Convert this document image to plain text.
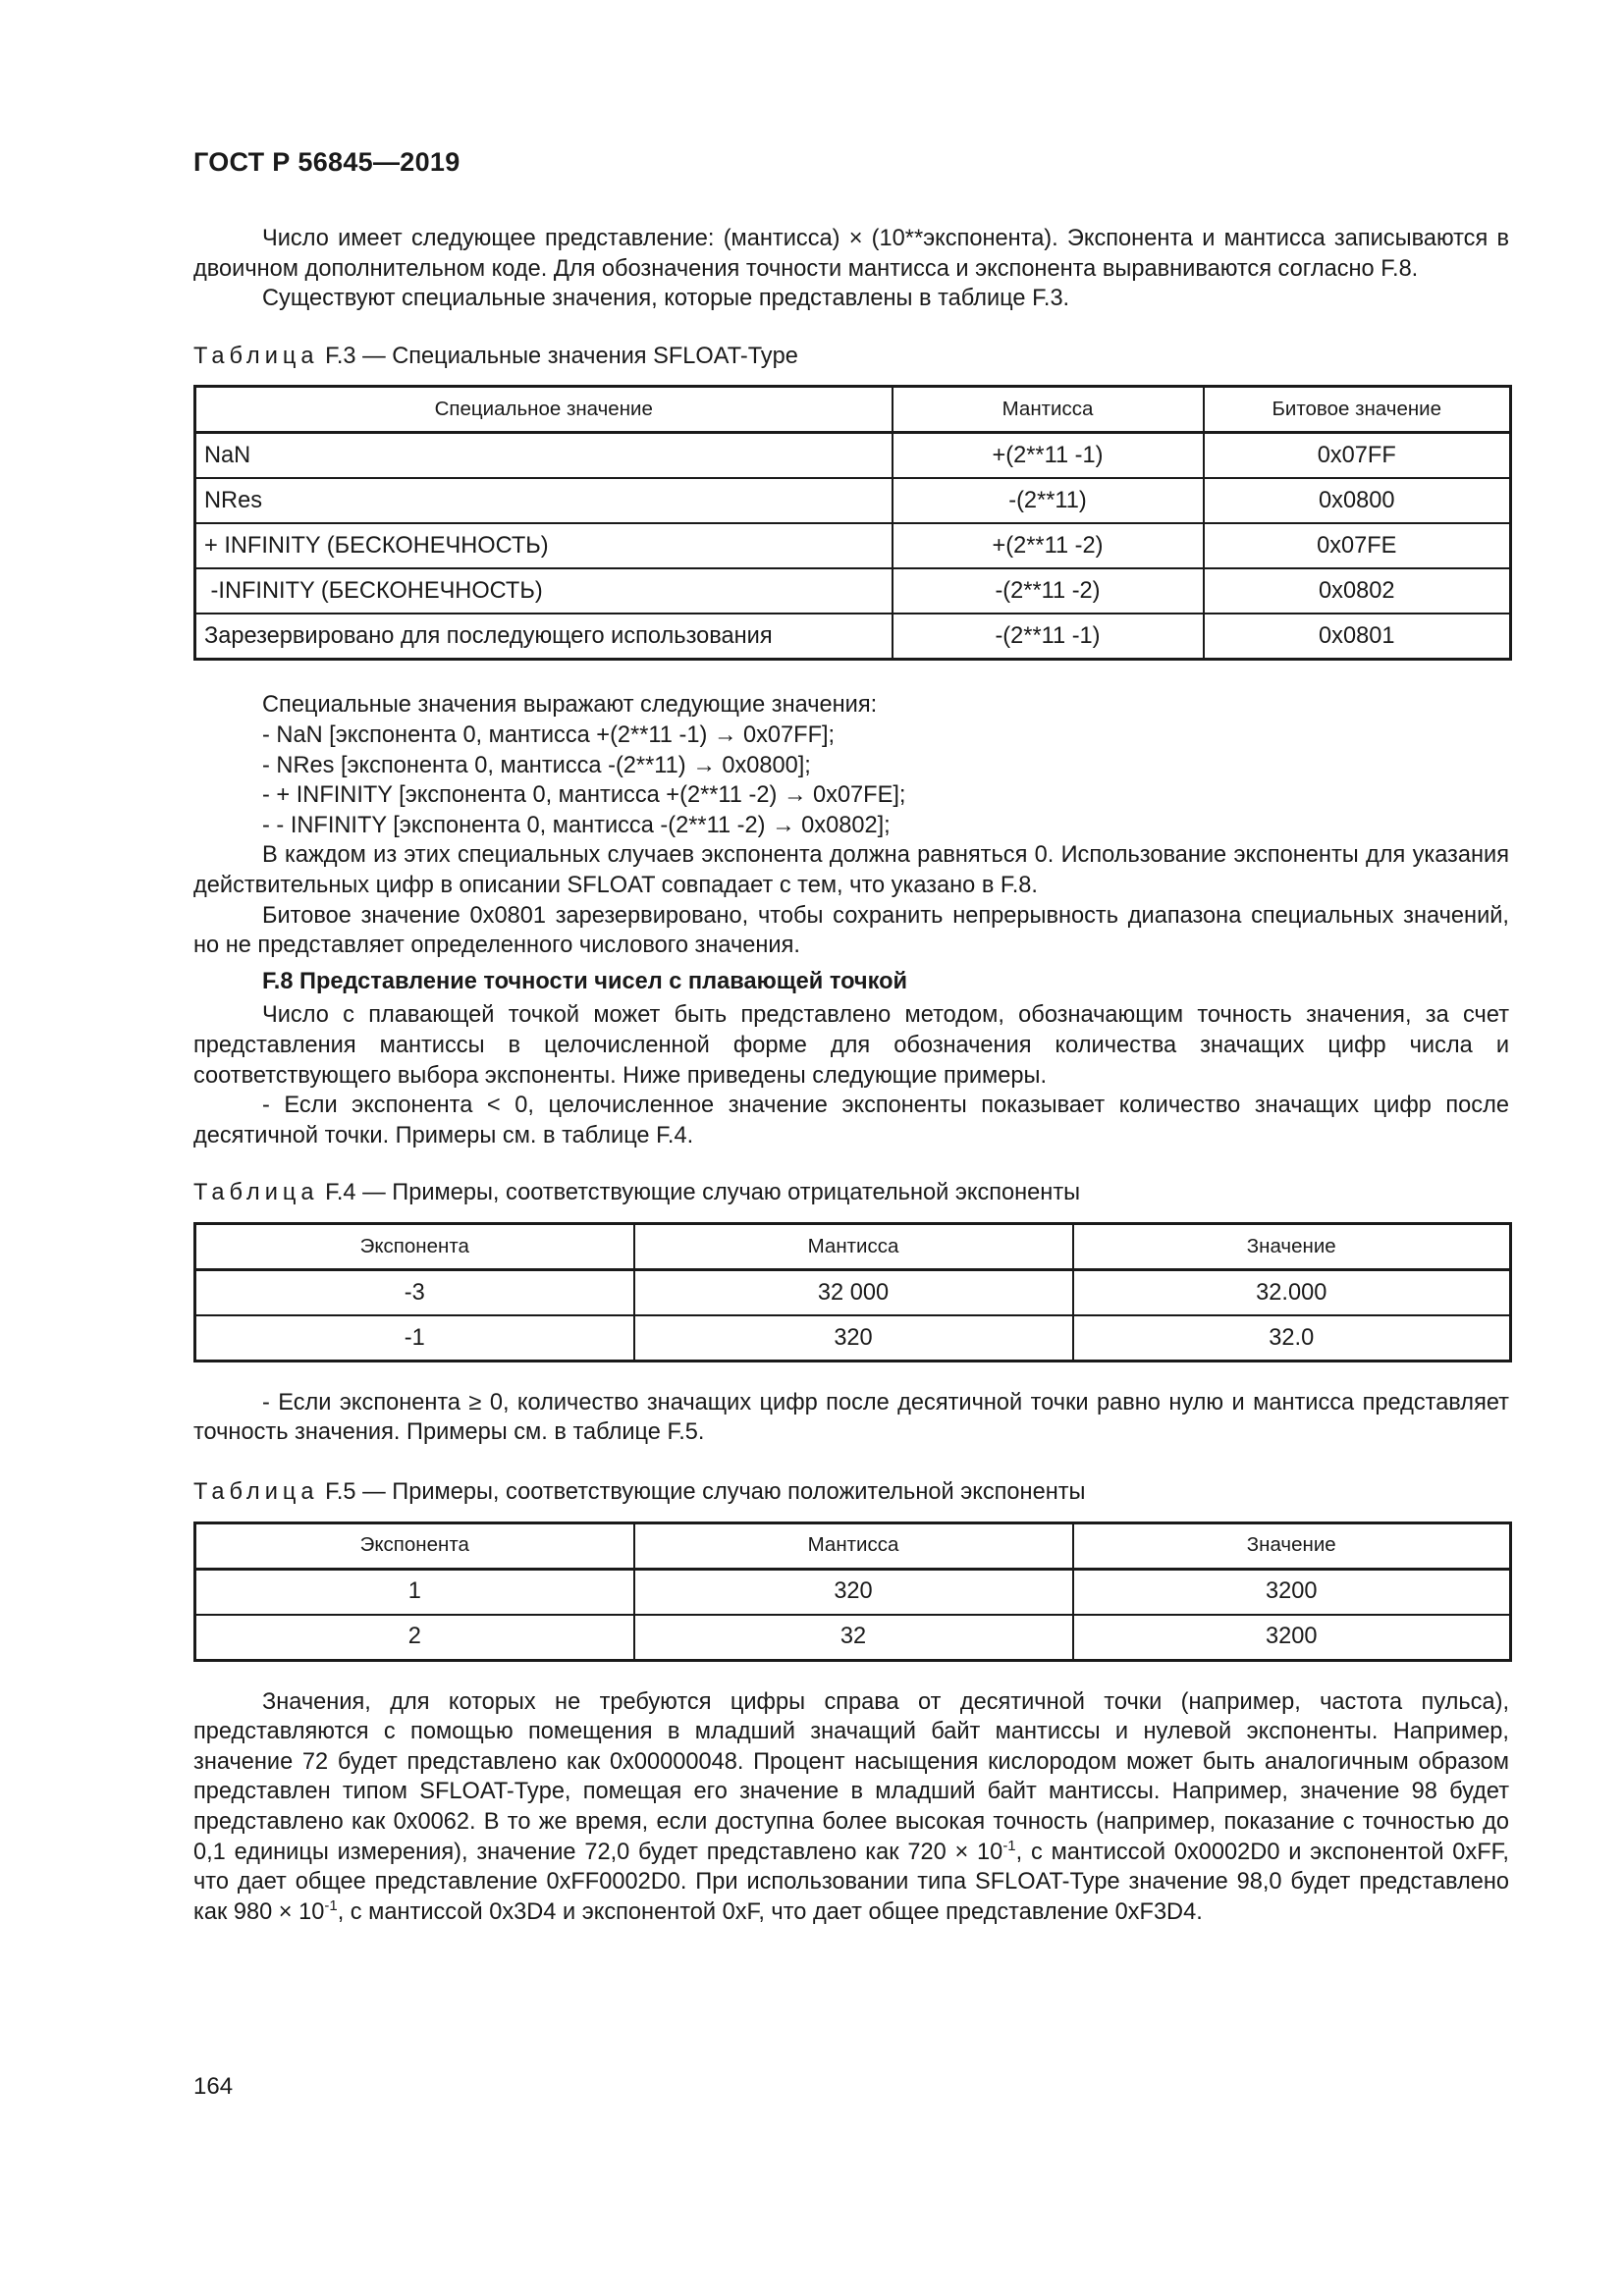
ГОСТ Р 56845—2019

Число имеет следующее представление: (мантисса) × (10**экспонента). Экспонента и мантисса записываются в двоичном дополнительном коде. Для обозначения точности мантисса и экспонента выравниваются согласно F.8.

Существуют специальные значения, которые представлены в таблице F.3.

Таблица F.3 — Специальные значения SFLOAT-Type

Специальное значение	Мантисса	Битовое значение
NaN	+(2**11 -1)	0x07FF
NRes	-(2**11)	0x0800
+ INFINITY (БЕСКОНЕЧНОСТЬ)	+(2**11 -2)	0x07FE
-INFINITY (БЕСКОНЕЧНОСТЬ)	-(2**11 -2)	0x0802
Зарезервировано для последующего использования	-(2**11 -1)	0x0801

Специальные значения выражают следующие значения:

- NaN [экспонента 0, мантисса +(2**11 -1) → 0x07FF];

- NRes [экспонента 0, мантисса -(2**11) → 0x0800];

- + INFINITY [экспонента 0, мантисса +(2**11 -2) → 0x07FE];

- - INFINITY [экспонента 0, мантисса -(2**11 -2) → 0x0802];

В каждом из этих специальных случаев экспонента должна равняться 0. Использование экспоненты для указания действительных цифр в описании SFLOAT совпадает с тем, что указано в F.8.

Битовое значение 0x0801 зарезервировано, чтобы сохранить непрерывность диапазона специальных значений, но не представляет определенного числового значения.

F.8 Представление точности чисел с плавающей точкой

Число с плавающей точкой может быть представлено методом, обозначающим точность значения, за счет представления мантиссы в целочисленной форме для обозначения количества значащих цифр числа и соответствующего выбора экспоненты. Ниже приведены следующие примеры.

- Если экспонента < 0, целочисленное значение экспоненты показывает количество значащих цифр после десятичной точки. Примеры см. в таблице F.4.

Таблица F.4 — Примеры, соответствующие случаю отрицательной экспоненты

Экспонента	Мантисса	Значение
-3	32 000	32.000
-1	320	32.0

- Если экспонента ≥ 0, количество значащих цифр после десятичной точки равно нулю и мантисса представляет точность значения. Примеры см. в таблице F.5.

Таблица F.5 — Примеры, соответствующие случаю положительной экспоненты

Экспонента	Мантисса	Значение
1	320	3200
2	32	3200

Значения, для которых не требуются цифры справа от десятичной точки (например, частота пульса), представляются с помощью помещения в младший значащий байт мантиссы и нулевой экспоненты. Например, значение 72 будет представлено как 0x00000048. Процент насыщения кислородом может быть аналогичным образом представлен типом SFLOAT-Type, помещая его значение в младший байт мантиссы. Например, значение 98 будет представлено как 0x0062. В то же время, если доступна более высокая точность (например, показание с точностью до 0,1 единицы измерения), значение 72,0 будет представлено как $720 \times 10^{-1}$, с мантиссой 0x0002D0 и экспонентой 0xFF, что дает общее представление 0xFF0002D0. При использовании типа SFLOAT-Type значение 98,0 будет представлено как $980 \times 10^{-1}$, с мантиссой 0x3D4 и экспонентой 0xF, что дает общее представление 0xF3D4.

164
